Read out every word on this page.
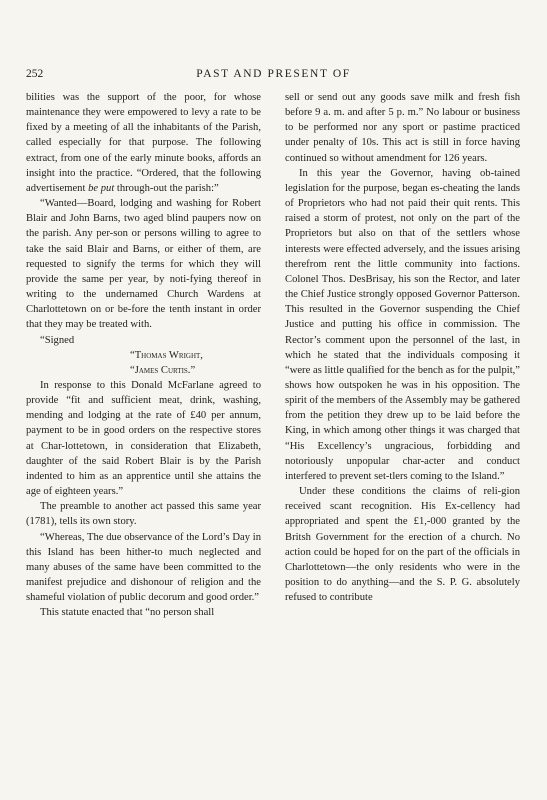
252	PAST AND PRESENT OF

bilities was the support of the poor, for whose maintenance they were empowered to levy a rate to be fixed by a meeting of all the inhabitants of the Parish, called especially for that purpose. The following extract, from one of the early minute books, affords an insight into the practice. “Ordered, that the following advertisement be put through-out the parish:”

“Wanted—Board, lodging and washing for Robert Blair and John Barns, two aged blind paupers now on the parish. Any per-son or persons willing to agree to take the said Blair and Barns, or either of them, are requested to signify the terms for which they will provide the same per year, by noti-fying thereof in writing to the undernamed Church Wardens at Charlottetown on or be-fore the tenth instant in order that they may be treated with.

“Signed

“Thomas Wright,

“James Curtis.”

In response to this Donald McFarlane agreed to provide “fit and sufficient meat, drink, washing, mending and lodging at the rate of £40 per annum, payment to be in good orders on the respective stores at Char-lottetown, in consideration that Elizabeth, daughter of the said Robert Blair is by the Parish indented to him as an apprentice until she attains the age of eighteen years.”

The preamble to another act passed this same year (1781), tells its own story.

“Whereas, The due observance of the Lord’s Day in this Island has been hither-to much neglected and many abuses of the same have been committed to the manifest prejudice and dishonour of religion and the shameful violation of public decorum and good order.”

This statute enacted that “no person shall

sell or send out any goods save milk and fresh fish before 9 a. m. and after 5 p. m.” No labour or business to be performed nor any sport or pastime practiced under penalty of 10s. This act is still in force having continued so without amendment for 126 years.

In this year the Governor, having ob-tained legislation for the purpose, began es-cheating the lands of Proprietors who had not paid their quit rents. This raised a storm of protest, not only on the part of the Proprietors but also on that of the settlers whose interests were effected adversely, and the issues arising therefrom rent the little community into factions. Colonel Thos. DesBrisay, his son the Rector, and later the Chief Justice strongly opposed Governor Patterson. This resulted in the Governor suspending the Chief Justice and putting his office in commission. The Rector’s comment upon the personnel of the last, in which he stated that the individuals composing it “were as little qualified for the bench as for the pulpit,” shows how outspoken he was in his opposition. The spirit of the members of the Assembly may be gathered from the petition they drew up to be laid before the King, in which among other things it was charged that “His Excellency’s ungracious, forbidding and notoriously unpopular char-acter and conduct interfered to prevent set-tlers coming to the Island.”

Under these conditions the claims of reli-gion received scant recognition. His Ex-cellency had appropriated and spent the £1,-000 granted by the Britsh Government for the erection of a church. No action could be hoped for on the part of the officials in Charlottetown—the only residents who were in the position to do anything—and the S. P. G. absolutely refused to contribute
